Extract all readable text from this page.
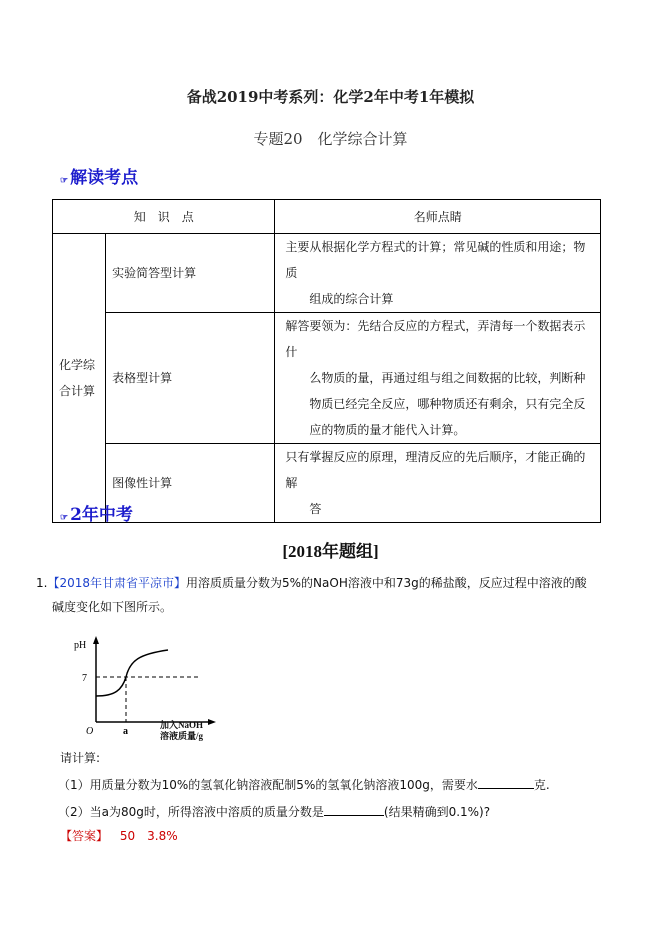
备战2019中考系列：化学2年中考1年模拟
专题20　化学综合计算
☞ 解读考点
知　识　点		名师点睛
化学综合计算	实验简答型计算	主要从根据化学方程式的计算；常见碱的性质和用途；物质
组成的综合计算

	表格型计算	解答要领为：先结合反应的方程式，弄清每一个数据表示什
么物质的量，再通过组与组之间数据的比较，判断种物质已经完全反应，哪种物质还有剩余，只有完全反应的物质的量才能代入计算。

	图像性计算	只有掌握反应的原理，理清反应的先后顺序，才能正确的解
答
☞ 2年中考
[2018年题组]
1.【2018年甘肃省平凉市】用溶质质量分数为5%的NaOH溶液中和73g的稀盐酸，反应过程中溶液的酸
碱度变化如下图所示。
pH
7
O	a
加入NaOH
溶液质量/g
请计算:
（1）用质量分数为10%的氢氧化钠溶液配制5%的氢氧化钠溶液100g，需要水	克.
（2）当a为80g时，所得溶液中溶质的质量分数是	(结果精确到0.1%)?
【答案】 50　3.8%
